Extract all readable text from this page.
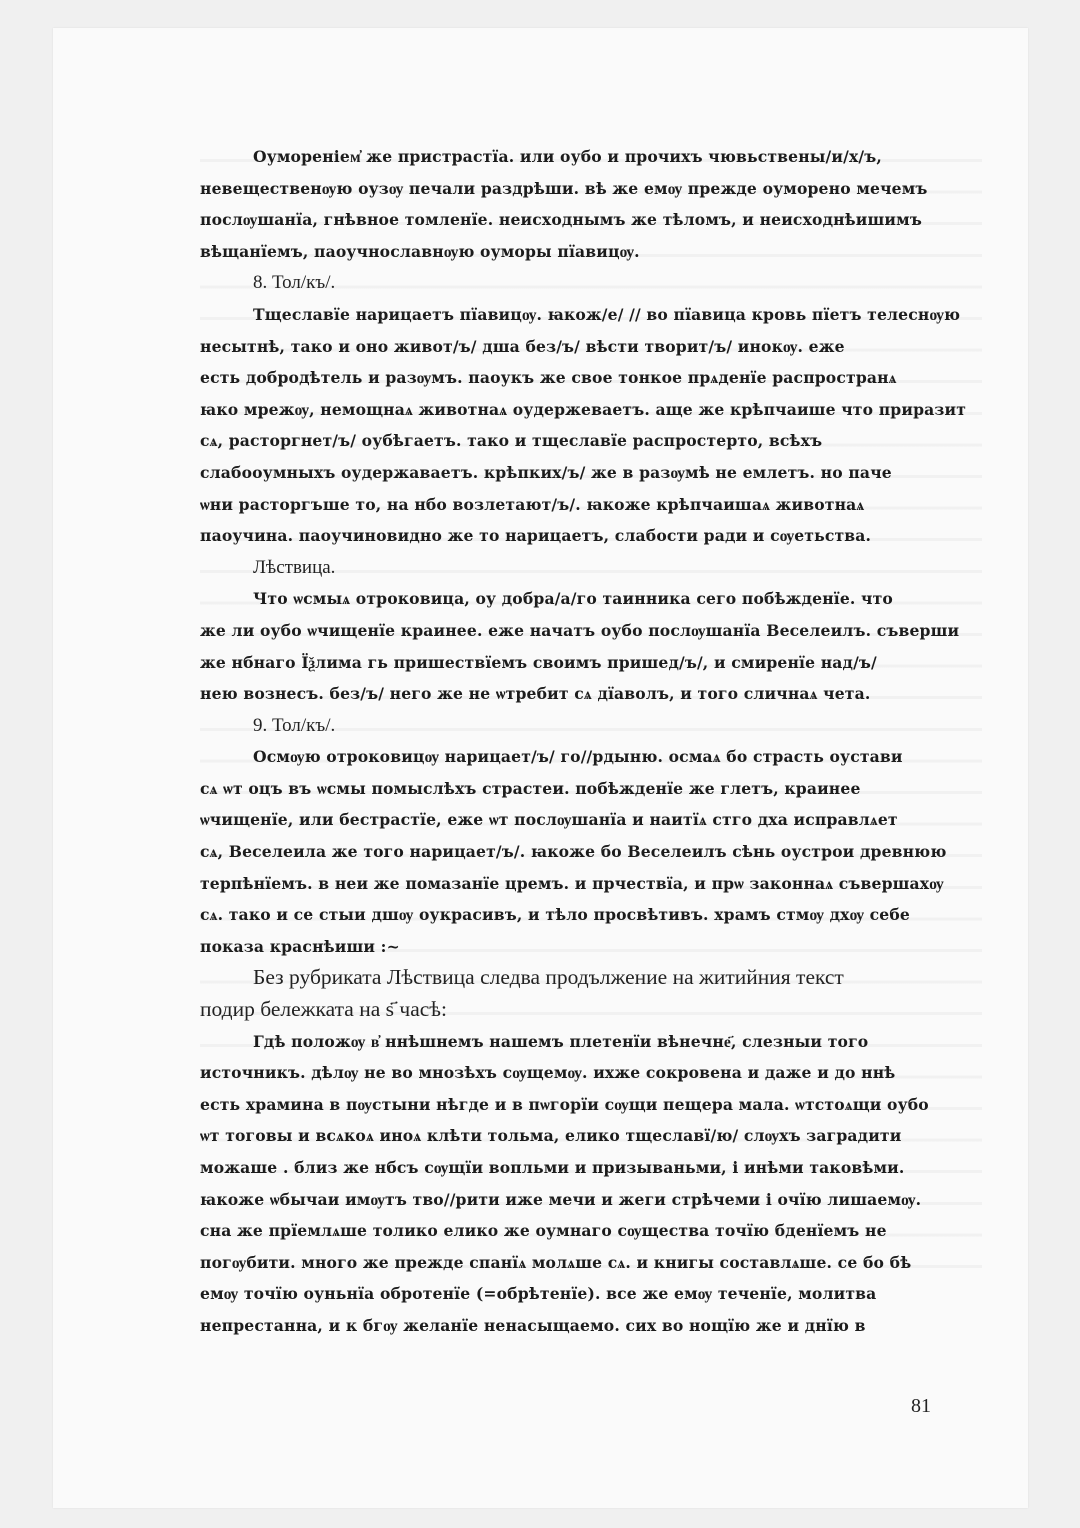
Оумореніем҆ же пристрастїа. или оубо и прочихъ чювьствены/и/х/ъ,
невещественѹю оузѹ печали раздрѣши. вѣ же емѹ прежде оуморено мечемъ
послѹшанїа, гнѣвное томленїе. неисходнымъ же тѣломъ, и неисходнѣишимъ
вѣщанїемъ, паоучнославнѹю оуморы пїавицѹ.
8. Тол/къ/.
Тщеславїе нарицаетъ пїавицѹ. ꙗкож/е/ // во пїавица кровь пїетъ телеснѹю
несытнѣ, тако и оно живот/ъ/ дша без/ъ/ вѣсти творит/ъ/ инокѹ. еже
есть добродѣтель и разѹмъ. паоукъ же свое тонкое прѧденїе распространѧ
ꙗко мрежѹ, немощнаѧ животнаѧ оудержеваетъ. аще же крѣпчаише что приразит
сѧ, расторгнет/ъ/ оубѣгаетъ. тако и тщеславїе распростерто, всѣхъ
слабооумныхъ оудержаваетъ. крѣпких/ъ/ же в разѹмѣ не емлетъ. но паче
ѡни расторгъше то, на нбо возлетают/ъ/. ꙗкоже крѣпчаишаѧ животнаѧ
паоучина. паоучиновидно же то нарицаетъ, слабости ради и сѹетьства.
Лѣствица.
Что ѡсмыѧ отроковица, оу добра/а/го таинника сего побѣжденїе. что
же ли оубо ѡчищенїе краинее. еже начатъ оубо послѹшанїа Веселеилъ. съверши
же нбнаго Їѯлима гь пришествїемъ своимъ пришед/ъ/, и смиренїе над/ъ/
нею вознесъ. без/ъ/ него же не ѡтребит сѧ дїаволъ, и того сличнаѧ чета.
9. Тол/къ/.
Осмѹю отроковицѹ нарицает/ъ/ го//рдыню. осмаѧ бо страсть оустави
сѧ ѡт оцъ въ ѡсмы помыслѣхъ страстеи. побѣжденїе же глетъ, краинее
ѡчищенїе, или бестрастїе, еже ѡт послѹшанїа и наитїѧ стго дха исправлѧет
сѧ, Веселеила же того нарицает/ъ/. ꙗкоже бо Веселеилъ сѣнь оустрои древнюю
терпѣнїемъ. в неи же помазанїе цремъ. и прчествїа, и прѡ законнаѧ съвершахѹ
сѧ. тако и се стыи дшѹ оукрасивъ, и тѣло просвѣтивъ. храмъ стмѹ дхѹ себе
показа краснѣиши :~
Без рубриката Лѣствица следва продължение на житийния текст
подир бележката на ѕ҃ часѣ:
Гдѣ положѹ в҆ ннѣшнемъ нашемъ плетенїи вѣнечне҃, слезныи того
источникъ. дѣлѹ не во мнозѣхъ сѹщемѹ. ихже сокровена и даже и до ннѣ
есть храмина в пѹстыни нѣгде и в пѡгорїи сѹщи пещера мала. ѡтстоѧщи оубо
ѡт тоговы и всѧкоѧ иноѧ клѣти тольма, елико тщеславї/ю/ слѹхъ заградити
можаше . близ же нбсъ сѹщїи вопльми и призываньми, і инѣми таковѣми.
ꙗкоже ѡбычаи имѹтъ тво//рити иже мечи и жеги стрѣчеми і очїю лишаемѹ.
сна же прїемлѧше толико елико же оумнаго сѹщества точїю бденїемъ не
погѹбити. много же прежде спанїѧ молѧше сѧ. и книгы составлѧше. се бо бѣ
емѹ точїю оуньнїа обротенїе (=обрѣтенїе). все же емѹ теченїе, молитва
непрестанна, и к бгѹ желанїе ненасыщаемо. сих во нощїю же и днїю в
81
